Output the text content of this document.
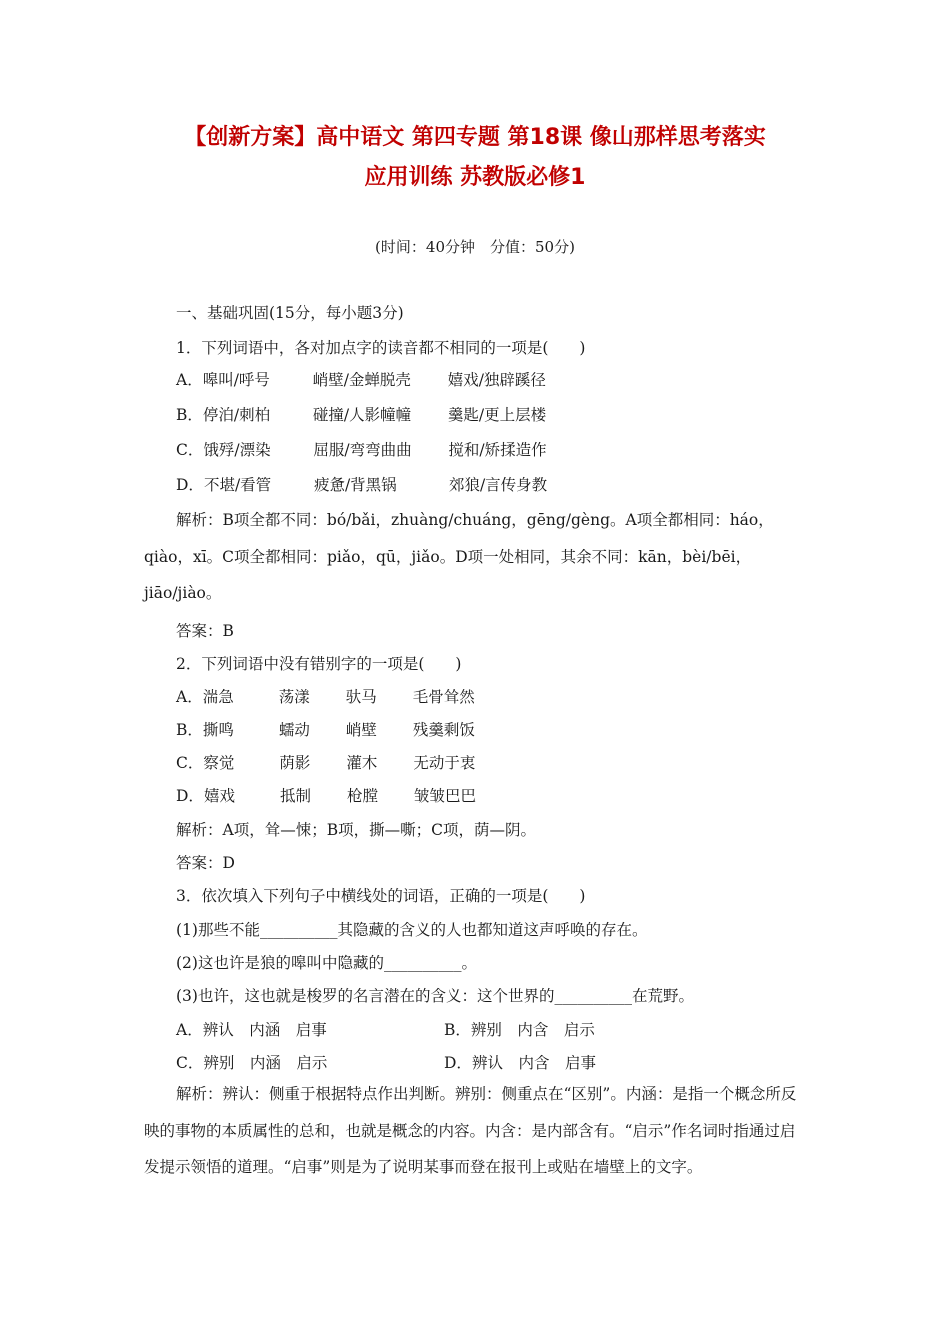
【创新方案】高中语文 第四专题 第18课 像山那样思考落实
应用训练 苏教版必修1
(时间：40分钟　分值：50分)
一、基础巩固(15分，每小题3分)
1．下列词语中，各对加点字的读音都不相同的一项是(　　)
A．嗥叫/呼号	峭壁/金蝉脱壳 嬉戏/独辟蹊径
B．停泊/刺柏	碰撞/人影幢幢 羹匙/更上层楼
C．饿殍/漂染	屈服/弯弯曲曲 搅和/矫揉造作
D．不堪/看管	疲惫/背黑锅	郊狼/言传身教
解析：B项全都不同：bó/bǎi，zhuàng/chuáng，gēng/gèng。A项全都相同：háo，qiào，xī。C项全都相同：piǎo，qū，jiǎo。D项一处相同，其余不同：kān，bèi/bēi，jiāo/jiào。
答案：B
2．下列词语中没有错别字的一项是(　　)
A．湍急	荡漾 驮马 毛骨耸然
B．撕鸣	蠕动 峭壁 残羹剩饭
C．察觉	荫影 灌木 无动于衷
D．嬉戏	抵制 枪膛 皱皱巴巴
解析：A项，耸—悚；B项，撕—嘶；C项，荫—阴。
答案：D
3．依次填入下列句子中横线处的词语，正确的一项是(　　)
(1)那些不能__________其隐藏的含义的人也都知道这声呼唤的存在。
(2)这也许是狼的嗥叫中隐藏的__________。
(3)也许，这也就是梭罗的名言潜在的含义：这个世界的__________在荒野。
A．辨认　内涵　启事	B．辨别　内含　启示
C．辨别　内涵　启示	D．辨认　内含　启事
解析：辨认：侧重于根据特点作出判断。辨别：侧重点在“区别”。内涵：是指一个概念所反映的事物的本质属性的总和，也就是概念的内容。内含：是内部含有。“启示”作名词时指通过启发提示领悟的道理。“启事”则是为了说明某事而登在报刊上或贴在墙壁上的文字。
